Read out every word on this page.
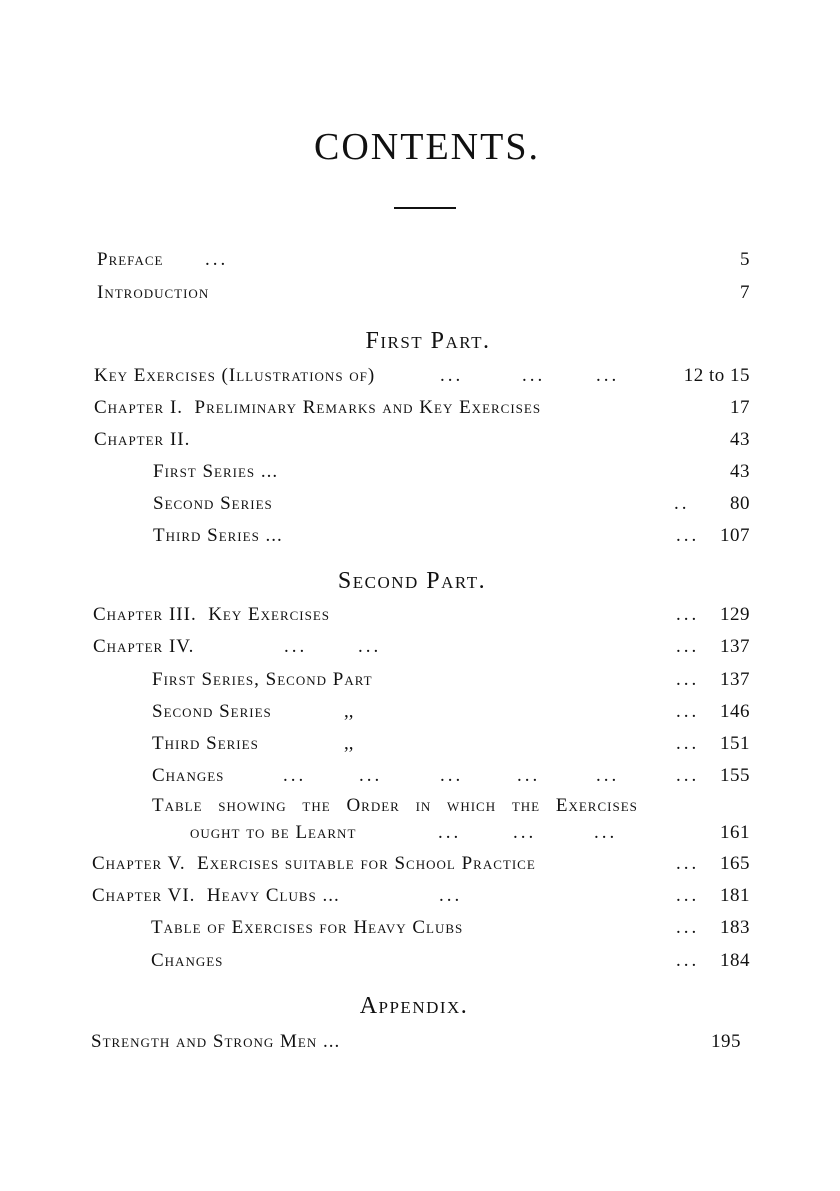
CONTENTS.
Preface ...	5
Introduction	7
First Part.
Key Exercises (Illustrations of)	...	...	...	12 to 15
Chapter I.  Preliminary Remarks and Key Exercises	17
Chapter II.	43
First Series ...	43
Second Series	.. 80
Third Series ...	... 107
Second Part.
Chapter III.  Key Exercises	... 129
Chapter IV.	...	...	... 137
First Series, Second Part	... 137
Second Series	,,	... 146
Third Series	,,	... 151
Changes	...	...	...	...	...	... 155
Table showing the Order in which the Exercises
ought to be Learnt	...	...	...	161
Chapter V.  Exercises suitable for School Practice	... 165
Chapter VI.  Heavy Clubs ...	...	... 181
Table of Exercises for Heavy Clubs	... 183
Changes	... 184
Appendix.
Strength and Strong Men ...	195
